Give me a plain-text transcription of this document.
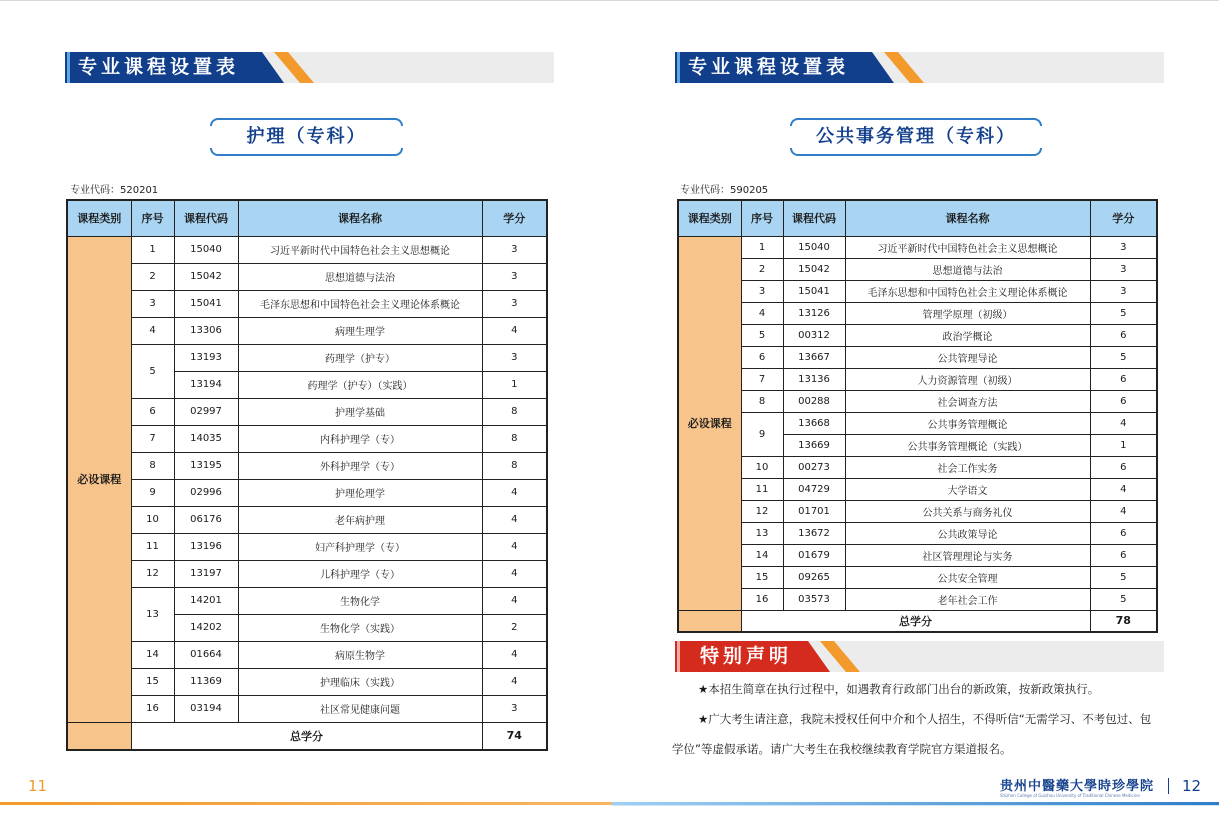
专业课程设置表
护理（专科）
专业代码：520201
课程类别	序号	课程代码	课程名称	学分
必设课程	1	15040	习近平新时代中国特色社会主义思想概论	3
	2	15042	思想道德与法治	3
	3	15041	毛泽东思想和中国特色社会主义理论体系概论	3
	4	13306	病理生理学	4
	5	13193	药理学（护专）	3
		13194	药理学（护专）（实践）	1
	6	02997	护理学基础	8
	7	14035	内科护理学（专）	8
	8	13195	外科护理学（专）	8
	9	02996	护理伦理学	4
	10	06176	老年病护理	4
	11	13196	妇产科护理学（专）	4
	12	13197	儿科护理学（专）	4
	13	14201	生物化学	4
		14202	生物化学（实践）	2
	14	01664	病原生物学	4
	15	11369	护理临床（实践）	4
	16	03194	社区常见健康问题	3
	总学分			74
专业课程设置表
公共事务管理（专科）
专业代码：590205
课程类别	序号	课程代码	课程名称	学分
必设课程	1	15040	习近平新时代中国特色社会主义思想概论	3
	2	15042	思想道德与法治	3
	3	15041	毛泽东思想和中国特色社会主义理论体系概论	3
	4	13126	管理学原理（初级）	5
	5	00312	政治学概论	6
	6	13667	公共管理导论	5
	7	13136	人力资源管理（初级）	6
	8	00288	社会调查方法	6
	9	13668	公共事务管理概论	4
		13669	公共事务管理概论（实践）	1
	10	00273	社会工作实务	6
	11	04729	大学语文	4
	12	01701	公共关系与商务礼仪	4
	13	13672	公共政策导论	6
	14	01679	社区管理理论与实务	6
	15	09265	公共安全管理	5
	16	03573	老年社会工作	5
	总学分			78
特别声明
★本招生简章在执行过程中，如遇教育行政部门出台的新政策，按新政策执行。
★广大考生请注意，我院未授权任何中介和个人招生，不得听信“无需学习、不考包过、包
学位”等虚假承诺。请广大考生在我校继续教育学院官方渠道报名。
11	贵州中醫藥大學時珍學院
Shizhen College of Guizhou University of Traditional Chinese Medicine
12
